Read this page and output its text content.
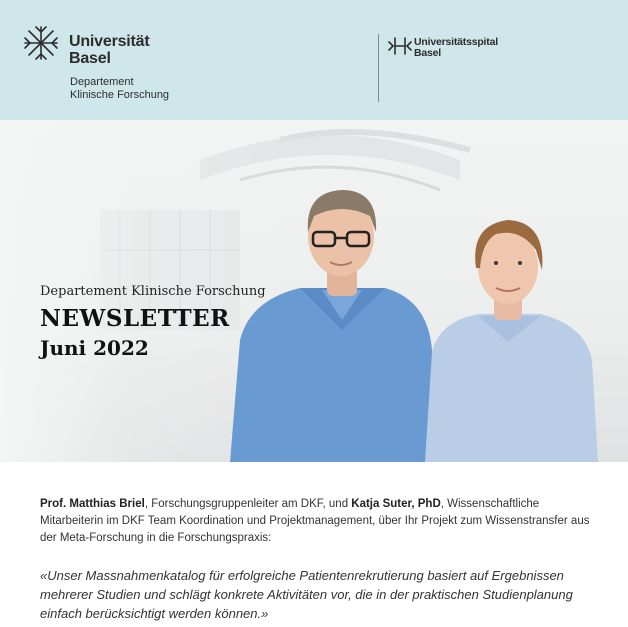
Universität
Basel
Departement
Klinische Forschung
Universitätsspital
Basel
Departement Klinische Forschung
NEWSLETTER
Juni 2022

Prof. Matthias Briel, Forschungsgruppenleiter am DKF, und Katja Suter, PhD, Wissenschaftliche Mitarbeiterin im DKF Team Koordination und Projektmanagement, über Ihr Projekt zum Wissenstransfer aus der Meta-Forschung in die Forschungspraxis:

«Unser Massnahmenkatalog für erfolgreiche Patientenrekrutierung basiert auf Ergebnissen mehrerer Studien und schlägt konkrete Aktivitäten vor, die in der praktischen Studienplanung einfach berücksichtigt werden können.»
